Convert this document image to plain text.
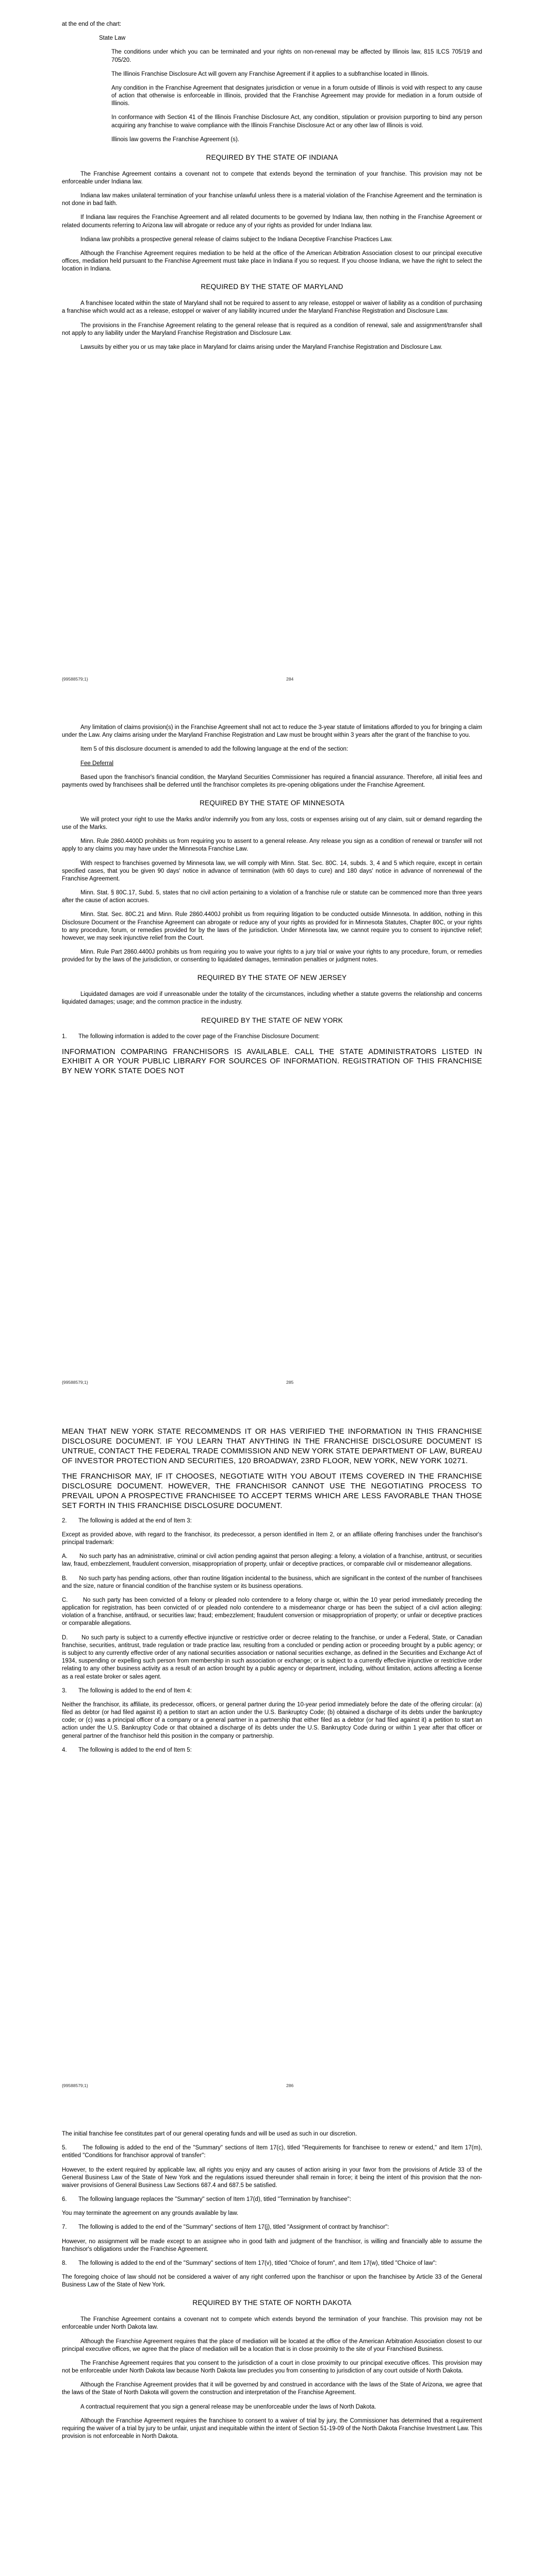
at the end of the chart:

State Law

The conditions under which you can be terminated and your rights on non-renewal may be affected by Illinois law, 815 ILCS 705/19 and 705/20.

The Illinois Franchise Disclosure Act will govern any Franchise Agreement if it applies to a subfranchise located in Illinois.

Any condition in the Franchise Agreement that designates jurisdiction or venue in a forum outside of Illinois is void with respect to any cause of action that otherwise is enforceable in Illinois, provided that the Franchise Agreement may provide for mediation in a forum outside of Illinois.

In conformance with Section 41 of the Illinois Franchise Disclosure Act, any condition, stipulation or provision purporting to bind any person acquiring any franchise to waive compliance with the Illinois Franchise Disclosure Act or any other law of Illinois is void.

Illinois law governs the Franchise Agreement (s).

REQUIRED BY THE STATE OF INDIANA

The Franchise Agreement contains a covenant not to compete that extends beyond the termination of your franchise. This provision may not be enforceable under Indiana law.

Indiana law makes unilateral termination of your franchise unlawful unless there is a material violation of the Franchise Agreement and the termination is not done in bad faith.

If Indiana law requires the Franchise Agreement and all related documents to be governed by Indiana law, then nothing in the Franchise Agreement or related documents referring to Arizona law will abrogate or reduce any of your rights as provided for under Indiana law.

Indiana law prohibits a prospective general release of claims subject to the Indiana Deceptive Franchise Practices Law.

Although the Franchise Agreement requires mediation to be held at the office of the American Arbitration Association closest to our principal executive offices, mediation held pursuant to the Franchise Agreement must take place in Indiana if you so request. If you choose Indiana, we have the right to select the location in Indiana.

REQUIRED BY THE STATE OF MARYLAND

A franchisee located within the state of Maryland shall not be required to assent to any release, estoppel or waiver of liability as a condition of purchasing a franchise which would act as a release, estoppel or waiver of any liability incurred under the Maryland Franchise Registration and Disclosure Law.

The provisions in the Franchise Agreement relating to the general release that is required as a condition of renewal, sale and assignment/transfer shall not apply to any liability under the Maryland Franchise Registration and Disclosure Law.

Lawsuits by either you or us may take place in Maryland for claims arising under the Maryland Franchise Registration and Disclosure Law.

{99588579;1}	284

Any limitation of claims provision(s) in the Franchise Agreement shall not act to reduce the 3-year statute of limitations afforded to you for bringing a claim under the Law. Any claims arising under the Maryland Franchise Registration and Law must be brought within 3 years after the grant of the franchise to you.

Item 5 of this disclosure document is amended to add the following language at the end of the section:

Fee Deferral

Based upon the franchisor's financial condition, the Maryland Securities Commissioner has required a financial assurance. Therefore, all initial fees and payments owed by franchisees shall be deferred until the franchisor completes its pre-opening obligations under the Franchise Agreement.

REQUIRED BY THE STATE OF MINNESOTA

We will protect your right to use the Marks and/or indemnify you from any loss, costs or expenses arising out of any claim, suit or demand regarding the use of the Marks.

Minn. Rule 2860.4400D prohibits us from requiring you to assent to a general release. Any release you sign as a condition of renewal or transfer will not apply to any claims you may have under the Minnesota Franchise Law.

With respect to franchises governed by Minnesota law, we will comply with Minn. Stat. Sec. 80C. 14, subds. 3, 4 and 5 which require, except in certain specified cases, that you be given 90 days' notice in advance of termination (with 60 days to cure) and 180 days' notice in advance of nonrenewal of the Franchise Agreement.

Minn. Stat. § 80C.17, Subd. 5, states that no civil action pertaining to a violation of a franchise rule or statute can be commenced more than three years after the cause of action accrues.

Minn. Stat. Sec. 80C.21 and Minn. Rule 2860.4400J prohibit us from requiring litigation to be conducted outside Minnesota. In addition, nothing in this Disclosure Document or the Franchise Agreement can abrogate or reduce any of your rights as provided for in Minnesota Statutes, Chapter 80C, or your rights to any procedure, forum, or remedies provided for by the laws of the jurisdiction. Under Minnesota law, we cannot require you to consent to injunctive relief; however, we may seek injunctive relief from the Court.

Minn. Rule Part 2860.4400J prohibits us from requiring you to waive your rights to a jury trial or waive your rights to any procedure, forum, or remedies provided for by the laws of the jurisdiction, or consenting to liquidated damages, termination penalties or judgment notes.

REQUIRED BY THE STATE OF NEW JERSEY

Liquidated damages are void if unreasonable under the totality of the circumstances, including whether a statute governs the relationship and concerns liquidated damages; usage; and the common practice in the industry.

REQUIRED BY THE STATE OF NEW YORK

1.       The following information is added to the cover page of the Franchise Disclosure Document:

INFORMATION COMPARING FRANCHISORS IS AVAILABLE. CALL THE STATE ADMINISTRATORS LISTED IN EXHIBIT A OR YOUR PUBLIC LIBRARY FOR SOURCES OF INFORMATION. REGISTRATION OF THIS FRANCHISE BY NEW YORK STATE DOES NOT

{99588579;1}	285

MEAN THAT NEW YORK STATE RECOMMENDS IT OR HAS VERIFIED THE INFORMATION IN THIS FRANCHISE DISCLOSURE DOCUMENT. IF YOU LEARN THAT ANYTHING IN THE FRANCHISE DISCLOSURE DOCUMENT IS UNTRUE, CONTACT THE FEDERAL TRADE COMMISSION AND NEW YORK STATE DEPARTMENT OF LAW, BUREAU OF INVESTOR PROTECTION AND SECURITIES, 120 BROADWAY, 23RD FLOOR, NEW YORK, NEW YORK 10271.

THE FRANCHISOR MAY, IF IT CHOOSES, NEGOTIATE WITH YOU ABOUT ITEMS COVERED IN THE FRANCHISE DISCLOSURE DOCUMENT. HOWEVER, THE FRANCHISOR CANNOT USE THE NEGOTIATING PROCESS TO PREVAIL UPON A PROSPECTIVE FRANCHISEE TO ACCEPT TERMS WHICH ARE LESS FAVORABLE THAN THOSE SET FORTH IN THIS FRANCHISE DISCLOSURE DOCUMENT.

2.       The following is added at the end of Item 3:

Except as provided above, with regard to the franchisor, its predecessor, a person identified in Item 2, or an affiliate offering franchises under the franchisor's principal trademark:

A.       No such party has an administrative, criminal or civil action pending against that person alleging: a felony, a violation of a franchise, antitrust, or securities law, fraud, embezzlement, fraudulent conversion, misappropriation of property, unfair or deceptive practices, or comparable civil or misdemeanor allegations.

B.       No such party has pending actions, other than routine litigation incidental to the business, which are significant in the context of the number of franchisees and the size, nature or financial condition of the franchise system or its business operations.

C.       No such party has been convicted of a felony or pleaded nolo contendere to a felony charge or, within the 10 year period immediately preceding the application for registration, has been convicted of or pleaded nolo contendere to a misdemeanor charge or has been the subject of a civil action alleging: violation of a franchise, antifraud, or securities law; fraud; embezzlement; fraudulent conversion or misappropriation of property; or unfair or deceptive practices or comparable allegations.

D.       No such party is subject to a currently effective injunctive or restrictive order or decree relating to the franchise, or under a Federal, State, or Canadian franchise, securities, antitrust, trade regulation or trade practice law, resulting from a concluded or pending action or proceeding brought by a public agency; or is subject to any currently effective order of any national securities association or national securities exchange, as defined in the Securities and Exchange Act of 1934, suspending or expelling such person from membership in such association or exchange; or is subject to a currently effective injunctive or restrictive order relating to any other business activity as a result of an action brought by a public agency or department, including, without limitation, actions affecting a license as a real estate broker or sales agent.

3.       The following is added to the end of Item 4:

Neither the franchisor, its affiliate, its predecessor, officers, or general partner during the 10-year period immediately before the date of the offering circular: (a) filed as debtor (or had filed against it) a petition to start an action under the U.S. Bankruptcy Code; (b) obtained a discharge of its debts under the bankruptcy code; or (c) was a principal officer of a company or a general partner in a partnership that either filed as a debtor (or had filed against it) a petition to start an action under the U.S. Bankruptcy Code or that obtained a discharge of its debts under the U.S. Bankruptcy Code during or within 1 year after that officer or general partner of the franchisor held this position in the company or partnership.

4.       The following is added to the end of Item 5:

{99588579;1}	286

The initial franchise fee constitutes part of our general operating funds and will be used as such in our discretion.

5.       The following is added to the end of the "Summary" sections of Item 17(c), titled "Requirements for franchisee to renew or extend," and Item 17(m), entitled "Conditions for franchisor approval of transfer":

However, to the extent required by applicable law, all rights you enjoy and any causes of action arising in your favor from the provisions of Article 33 of the General Business Law of the State of New York and the regulations issued thereunder shall remain in force; it being the intent of this provision that the non-waiver provisions of General Business Law Sections 687.4 and 687.5 be satisfied.

6.       The following language replaces the "Summary" section of Item 17(d), titled "Termination by franchisee":

You may terminate the agreement on any grounds available by law.

7.       The following is added to the end of the "Summary" sections of Item 17(j), titled "Assignment of contract by franchisor":

However, no assignment will be made except to an assignee who in good faith and judgment of the franchisor, is willing and financially able to assume the franchisor's obligations under the Franchise Agreement.

8.       The following is added to the end of the "Summary" sections of Item 17(v), titled "Choice of forum", and Item 17(w), titled "Choice of law":

The foregoing choice of law should not be considered a waiver of any right conferred upon the franchisor or upon the franchisee by Article 33 of the General Business Law of the State of New York.

REQUIRED BY THE STATE OF NORTH DAKOTA

The Franchise Agreement contains a covenant not to compete which extends beyond the termination of your franchise. This provision may not be enforceable under North Dakota law.

Although the Franchise Agreement requires that the place of mediation will be located at the office of the American Arbitration Association closest to our principal executive offices, we agree that the place of mediation will be a location that is in close proximity to the site of your Franchised Business.

The Franchise Agreement requires that you consent to the jurisdiction of a court in close proximity to our principal executive offices. This provision may not be enforceable under North Dakota law because North Dakota law precludes you from consenting to jurisdiction of any court outside of North Dakota.

Although the Franchise Agreement provides that it will be governed by and construed in accordance with the laws of the State of Arizona, we agree that the laws of the State of North Dakota will govern the construction and interpretation of the Franchise Agreement.

A contractual requirement that you sign a general release may be unenforceable under the laws of North Dakota.

Although the Franchise Agreement requires the franchisee to consent to a waiver of trial by jury, the Commissioner has determined that a requirement requiring the waiver of a trial by jury to be unfair, unjust and inequitable within the intent of Section 51-19-09 of the North Dakota Franchise Investment Law. This provision is not enforceable in North Dakota.
